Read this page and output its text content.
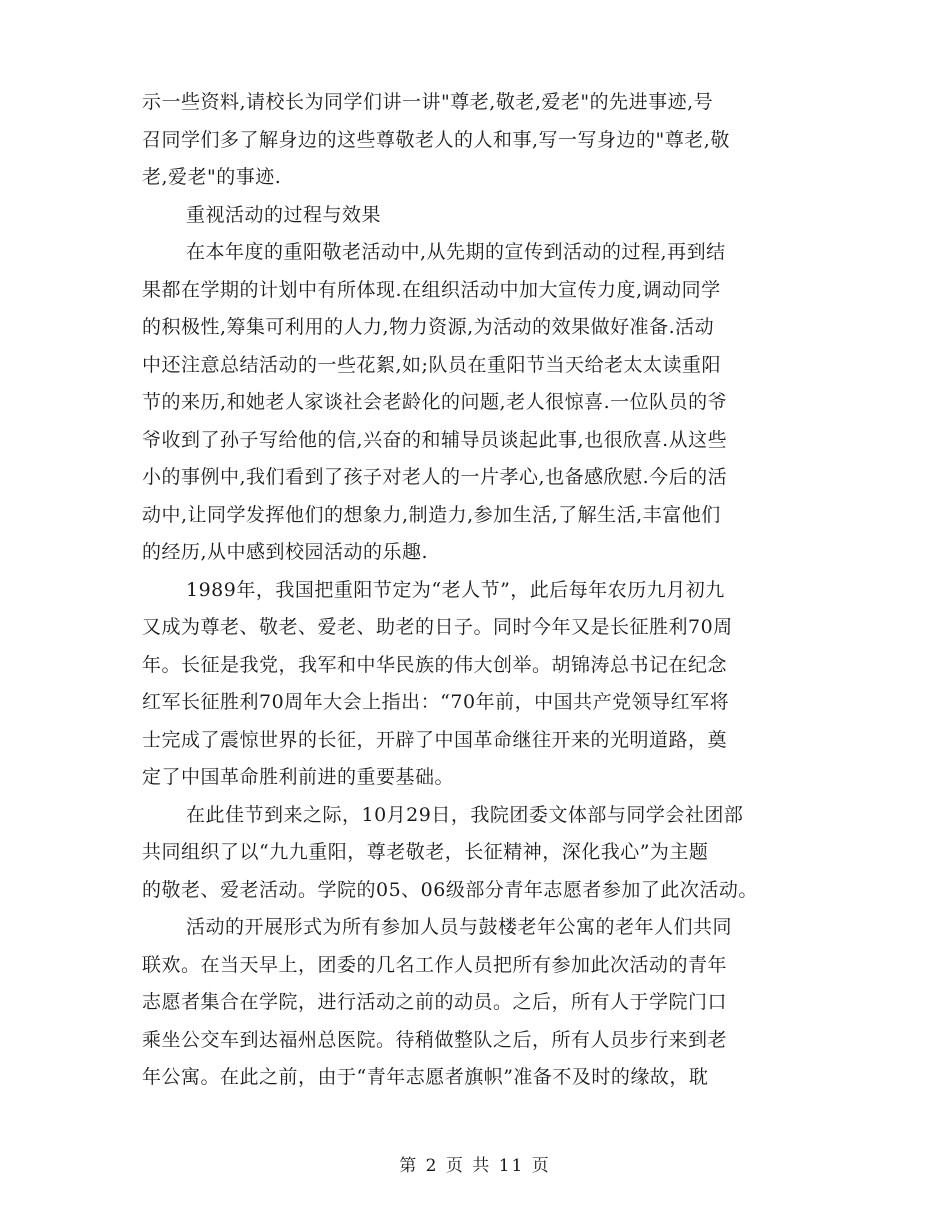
示一些资料,请校长为同学们讲一讲"尊老,敬老,爱老"的先进事迹,号
召同学们多了解身边的这些尊敬老人的人和事,写一写身边的"尊老,敬
老,爱老"的事迹.
重视活动的过程与效果
在本年度的重阳敬老活动中,从先期的宣传到活动的过程,再到结
果都在学期的计划中有所体现.在组织活动中加大宣传力度,调动同学
的积极性,筹集可利用的人力,物力资源,为活动的效果做好准备.活动
中还注意总结活动的一些花絮,如;队员在重阳节当天给老太太读重阳
节的来历,和她老人家谈社会老龄化的问题,老人很惊喜.一位队员的爷
爷收到了孙子写给他的信,兴奋的和辅导员谈起此事,也很欣喜.从这些
小的事例中,我们看到了孩子对老人的一片孝心,也备感欣慰.今后的活
动中,让同学发挥他们的想象力,制造力,参加生活,了解生活,丰富他们
的经历,从中感到校园活动的乐趣.
1989年，我国把重阳节定为“老人节”，此后每年农历九月初九
又成为尊老、敬老、爱老、助老的日子。同时今年又是长征胜利70周
年。长征是我党，我军和中华民族的伟大创举。胡锦涛总书记在纪念
红军长征胜利70周年大会上指出：“70年前，中国共产党领导红军将
士完成了震惊世界的长征，开辟了中国革命继往开来的光明道路，奠
定了中国革命胜利前进的重要基础。
在此佳节到来之际，10月29日，我院团委文体部与同学会社团部
共同组织了以“九九重阳，尊老敬老，长征精神，深化我心”为主题
的敬老、爱老活动。学院的05、06级部分青年志愿者参加了此次活动。
活动的开展形式为所有参加人员与鼓楼老年公寓的老年人们共同
联欢。在当天早上，团委的几名工作人员把所有参加此次活动的青年
志愿者集合在学院，进行活动之前的动员。之后，所有人于学院门口
乘坐公交车到达福州总医院。待稍做整队之后，所有人员步行来到老
年公寓。在此之前，由于“青年志愿者旗帜”准备不及时的缘故，耽
第 2 页 共 11 页
